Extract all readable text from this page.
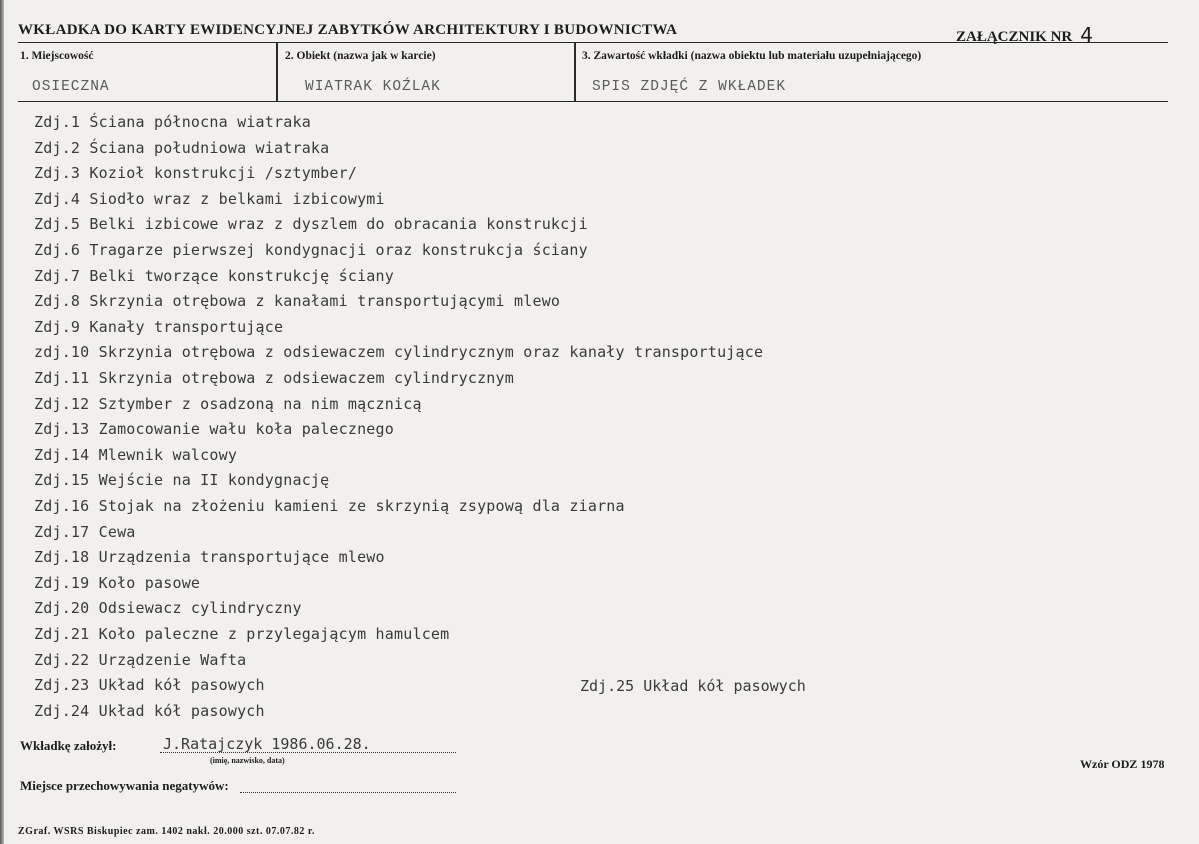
WKŁADKA DO KARTY EWIDENCYJNEJ ZABYTKÓW ARCHITEKTURY I BUDOWNICTWA	ZAŁĄCZNIK NR 4
1. Miejscowość	2. Obiekt (nazwa jak w karcie)	3. Zawartość wkładki (nazwa obiektu lub materiału uzupełniającego)
OSIECZNA	WIATRAK KOŹLAK	SPIS ZDJĘĆ Z WKŁADEK
Zdj.1 Ściana północna wiatraka
Zdj.2 Ściana południowa wiatraka
Zdj.3 Kozioł konstrukcji /sztymber/
Zdj.4 Siodło wraz z belkami izbicowymi
Zdj.5 Belki izbicowe wraz z dyszlem do obracania konstrukcji
Zdj.6 Tragarze pierwszej kondygnacji oraz konstrukcja ściany
Zdj.7 Belki tworzące konstrukcję ściany
Zdj.8 Skrzynia otrębowa z kanałami transportującymi mlewo
Zdj.9 Kanały transportujące
zdj.10 Skrzynia otrębowa z odsiewaczem cylindrycznym oraz kanały transportujące
Zdj.11 Skrzynia otrębowa z odsiewaczem cylindrycznym
Zdj.12 Sztymber z osadzoną na nim mącznicą
Zdj.13 Zamocowanie wału koła palecznego
Zdj.14 Mlewnik walcowy
Zdj.15 Wejście na II kondygnację
Zdj.16 Stojak na złożeniu kamieni ze skrzynią zsypową dla ziarna
Zdj.17 Cewa
Zdj.18 Urządzenia transportujące mlewo
Zdj.19 Koło pasowe
Zdj.20 Odsiewacz cylindryczny
Zdj.21 Koło paleczne z przylegającym hamulcem
Zdj.22 Urządzenie Wafta
Zdj.23 Układ kół pasowych
Zdj.24 Układ kół pasowych
Zdj.25 Układ kół pasowych
Wkładkę założył:	J.Ratajczyk 1986.06.28.
(imię, nazwisko, data)	Wzór ODZ 1978
Miejsce przechowywania negatywów:
ZGraf. WSRS Biskupiec zam. 1402 nakł. 20.000 szt. 07.07.82 r.
